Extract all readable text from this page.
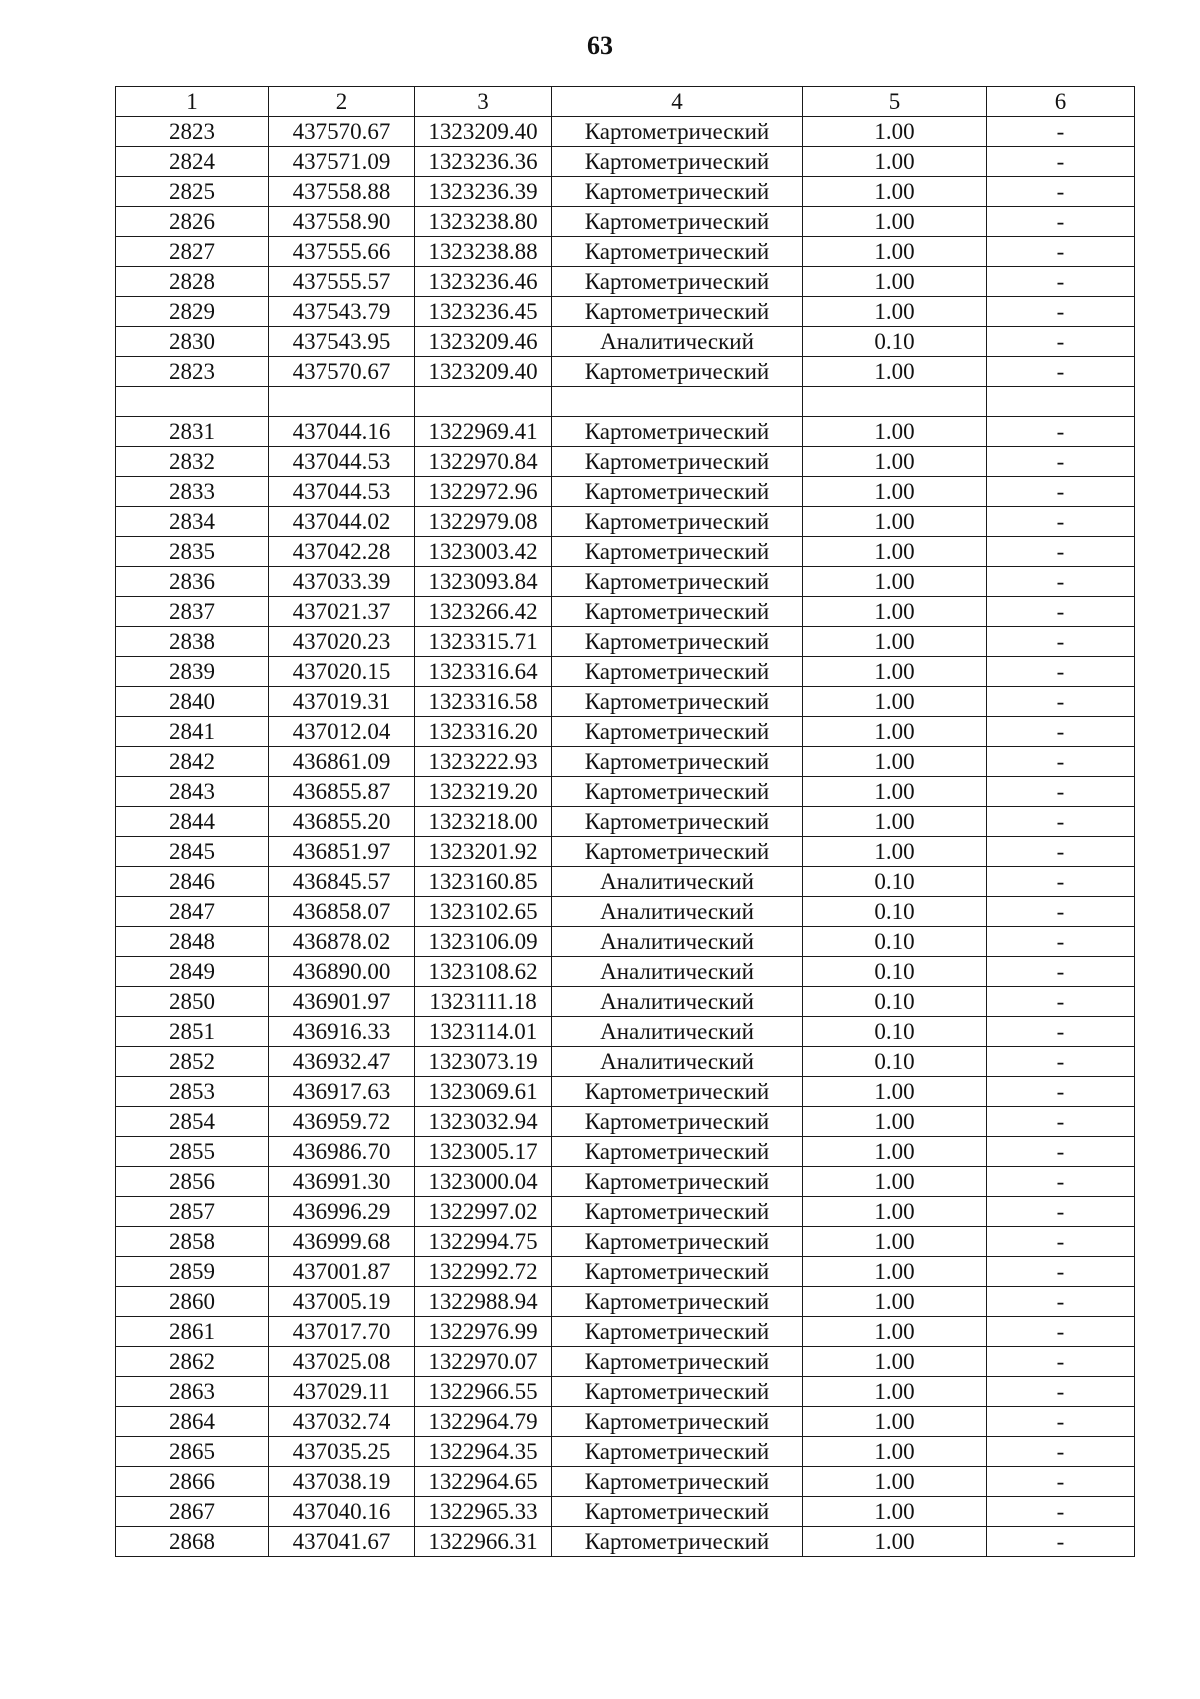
63
1	2	3	4	5	6
2823	437570.67	1323209.40	Картометрический	1.00	-
2824	437571.09	1323236.36	Картометрический	1.00	-
2825	437558.88	1323236.39	Картометрический	1.00	-
2826	437558.90	1323238.80	Картометрический	1.00	-
2827	437555.66	1323238.88	Картометрический	1.00	-
2828	437555.57	1323236.46	Картометрический	1.00	-
2829	437543.79	1323236.45	Картометрический	1.00	-
2830	437543.95	1323209.46	Аналитический	0.10	-
2823	437570.67	1323209.40	Картометрический	1.00	-

2831	437044.16	1322969.41	Картометрический	1.00	-
2832	437044.53	1322970.84	Картометрический	1.00	-
2833	437044.53	1322972.96	Картометрический	1.00	-
2834	437044.02	1322979.08	Картометрический	1.00	-
2835	437042.28	1323003.42	Картометрический	1.00	-
2836	437033.39	1323093.84	Картометрический	1.00	-
2837	437021.37	1323266.42	Картометрический	1.00	-
2838	437020.23	1323315.71	Картометрический	1.00	-
2839	437020.15	1323316.64	Картометрический	1.00	-
2840	437019.31	1323316.58	Картометрический	1.00	-
2841	437012.04	1323316.20	Картометрический	1.00	-
2842	436861.09	1323222.93	Картометрический	1.00	-
2843	436855.87	1323219.20	Картометрический	1.00	-
2844	436855.20	1323218.00	Картометрический	1.00	-
2845	436851.97	1323201.92	Картометрический	1.00	-
2846	436845.57	1323160.85	Аналитический	0.10	-
2847	436858.07	1323102.65	Аналитический	0.10	-
2848	436878.02	1323106.09	Аналитический	0.10	-
2849	436890.00	1323108.62	Аналитический	0.10	-
2850	436901.97	1323111.18	Аналитический	0.10	-
2851	436916.33	1323114.01	Аналитический	0.10	-
2852	436932.47	1323073.19	Аналитический	0.10	-
2853	436917.63	1323069.61	Картометрический	1.00	-
2854	436959.72	1323032.94	Картометрический	1.00	-
2855	436986.70	1323005.17	Картометрический	1.00	-
2856	436991.30	1323000.04	Картометрический	1.00	-
2857	436996.29	1322997.02	Картометрический	1.00	-
2858	436999.68	1322994.75	Картометрический	1.00	-
2859	437001.87	1322992.72	Картометрический	1.00	-
2860	437005.19	1322988.94	Картометрический	1.00	-
2861	437017.70	1322976.99	Картометрический	1.00	-
2862	437025.08	1322970.07	Картометрический	1.00	-
2863	437029.11	1322966.55	Картометрический	1.00	-
2864	437032.74	1322964.79	Картометрический	1.00	-
2865	437035.25	1322964.35	Картометрический	1.00	-
2866	437038.19	1322964.65	Картометрический	1.00	-
2867	437040.16	1322965.33	Картометрический	1.00	-
2868	437041.67	1322966.31	Картометрический	1.00	-
